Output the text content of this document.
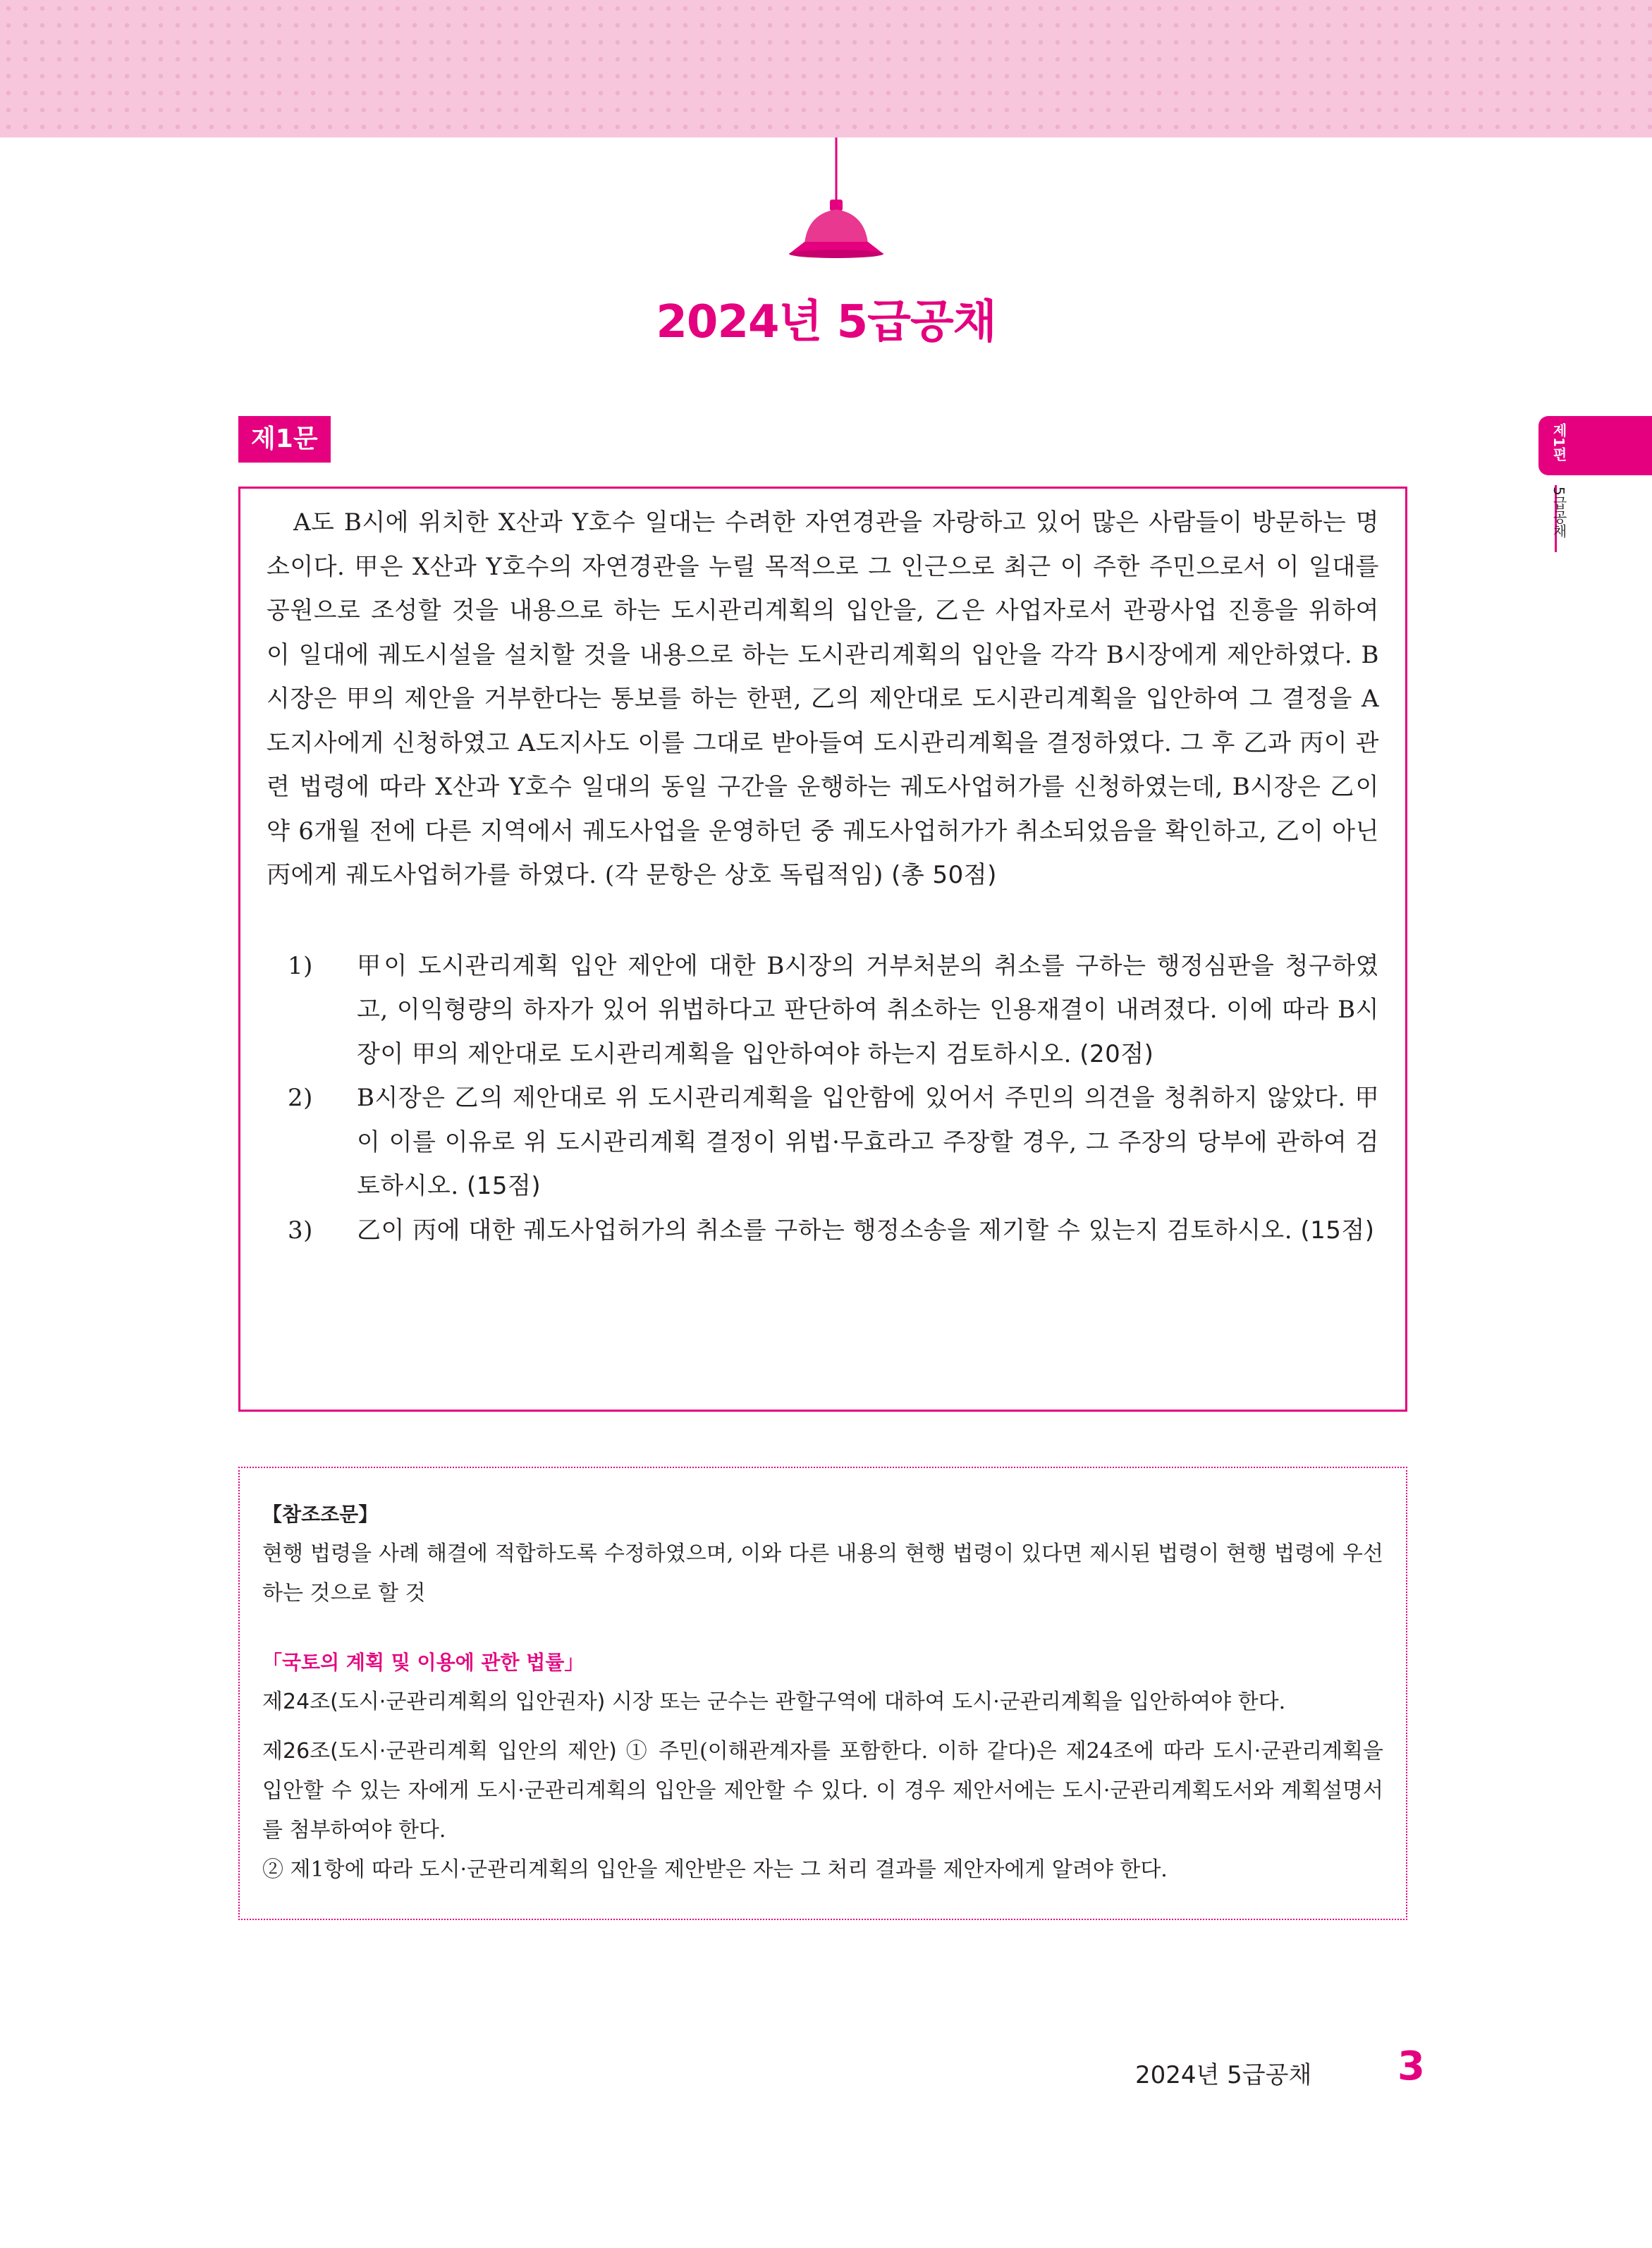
2024년 5급공채
제1편
5급공채
제1문

A도 B시에 위치한 X산과 Y호수 일대는 수려한 자연경관을 자랑하고 있어 많은 사람들이 방문하는 명소이다. 甲은 X산과 Y호수의 자연경관을 누릴 목적으로 그 인근으로 최근 이 주한 주민으로서 이 일대를 공원으로 조성할 것을 내용으로 하는 도시관리계획의 입안을, 乙은 사업자로서 관광사업 진흥을 위하여 이 일대에 궤도시설을 설치할 것을 내용으로 하는 도시관리계획의 입안을 각각 B시장에게 제안하였다. B시장은 甲의 제안을 거부한다는 통보를 하는 한편, 乙의 제안대로 도시관리계획을 입안하여 그 결정을 A도지사에게 신청하였고 A도지사도 이를 그대로 받아들여 도시관리계획을 결정하였다. 그 후 乙과 丙이 관련 법령에 따라 X산과 Y호수 일대의 동일 구간을 운행하는 궤도사업허가를 신청하였는데, B시장은 乙이 약 6개월 전에 다른 지역에서 궤도사업을 운영하던 중 궤도사업허가가 취소되었음을 확인하고, 乙이 아닌 丙에게 궤도사업허가를 하였다. (각 문항은 상호 독립적임) (총 50점)

1) 甲이 도시관리계획 입안 제안에 대한 B시장의 거부처분의 취소를 구하는 행정심판을 청구하였고, 이익형량의 하자가 있어 위법하다고 판단하여 취소하는 인용재결이 내려졌다. 이에 따라 B시장이 甲의 제안대로 도시관리계획을 입안하여야 하는지 검토하시오. (20점)
2) B시장은 乙의 제안대로 위 도시관리계획을 입안함에 있어서 주민의 의견을 청취하지 않았다. 甲이 이를 이유로 위 도시관리계획 결정이 위법·무효라고 주장할 경우, 그 주장의 당부에 관하여 검토하시오. (15점)
3) 乙이 丙에 대한 궤도사업허가의 취소를 구하는 행정소송을 제기할 수 있는지 검토하시오. (15점)
【참조조문】
현행 법령을 사례 해결에 적합하도록 수정하였으며, 이와 다른 내용의 현행 법령이 있다면 제시된 법령이 현행 법령에 우선하는 것으로 할 것
「국토의 계획 및 이용에 관한 법률」
제24조(도시·군관리계획의 입안권자) 시장 또는 군수는 관할구역에 대하여 도시·군관리계획을 입안하여야 한다.
제26조(도시·군관리계획 입안의 제안) ① 주민(이해관계자를 포함한다. 이하 같다)은 제24조에 따라 도시·군관리계획을 입안할 수 있는 자에게 도시·군관리계획의 입안을 제안할 수 있다. 이 경우 제안서에는 도시·군관리계획도서와 계획설명서를 첨부하여야 한다.
② 제1항에 따라 도시·군관리계획의 입안을 제안받은 자는 그 처리 결과를 제안자에게 알려야 한다.
2024년 5급공채 3
